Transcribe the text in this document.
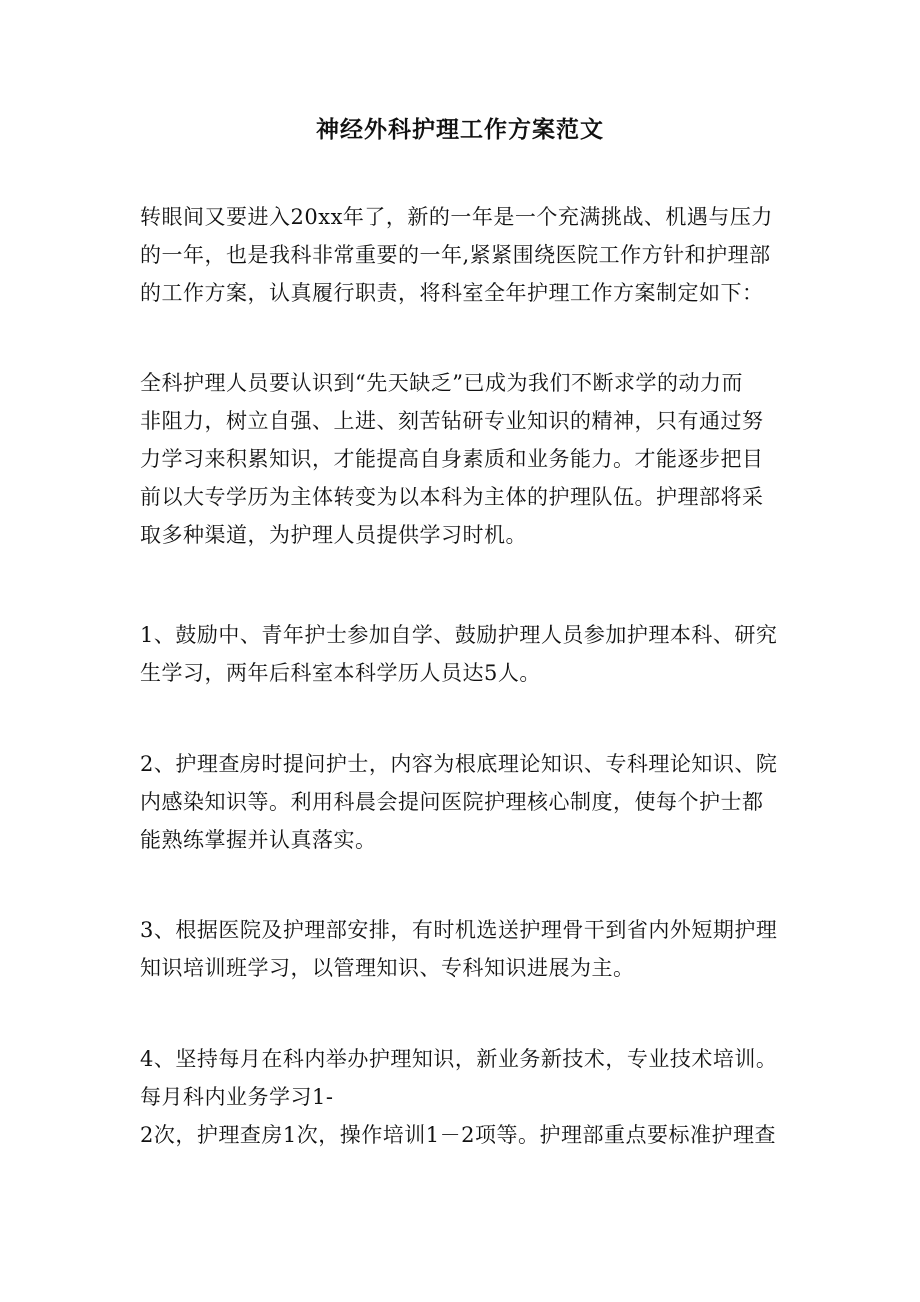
神经外科护理工作方案范文
转眼间又要进入20xx年了，新的一年是一个充满挑战、机遇与压力
的一年，也是我科非常重要的一年,紧紧围绕医院工作方针和护理部
的工作方案，认真履行职责，将科室全年护理工作方案制定如下：
全科护理人员要认识到“先天缺乏”已成为我们不断求学的动力而
非阻力，树立自强、上进、刻苦钻研专业知识的精神，只有通过努
力学习来积累知识，才能提高自身素质和业务能力。才能逐步把目
前以大专学历为主体转变为以本科为主体的护理队伍。护理部将采
取多种渠道，为护理人员提供学习时机。
1、鼓励中、青年护士参加自学、鼓励护理人员参加护理本科、研究
生学习，两年后科室本科学历人员达5人。
2、护理查房时提问护士，内容为根底理论知识、专科理论知识、院
内感染知识等。利用科晨会提问医院护理核心制度，使每个护士都
能熟练掌握并认真落实。
3、根据医院及护理部安排，有时机选送护理骨干到省内外短期护理
知识培训班学习，以管理知识、专科知识进展为主。
4、坚持每月在科内举办护理知识，新业务新技术，专业技术培训。
每月科内业务学习1-
2次，护理查房1次，操作培训1－2项等。护理部重点要标准护理查
